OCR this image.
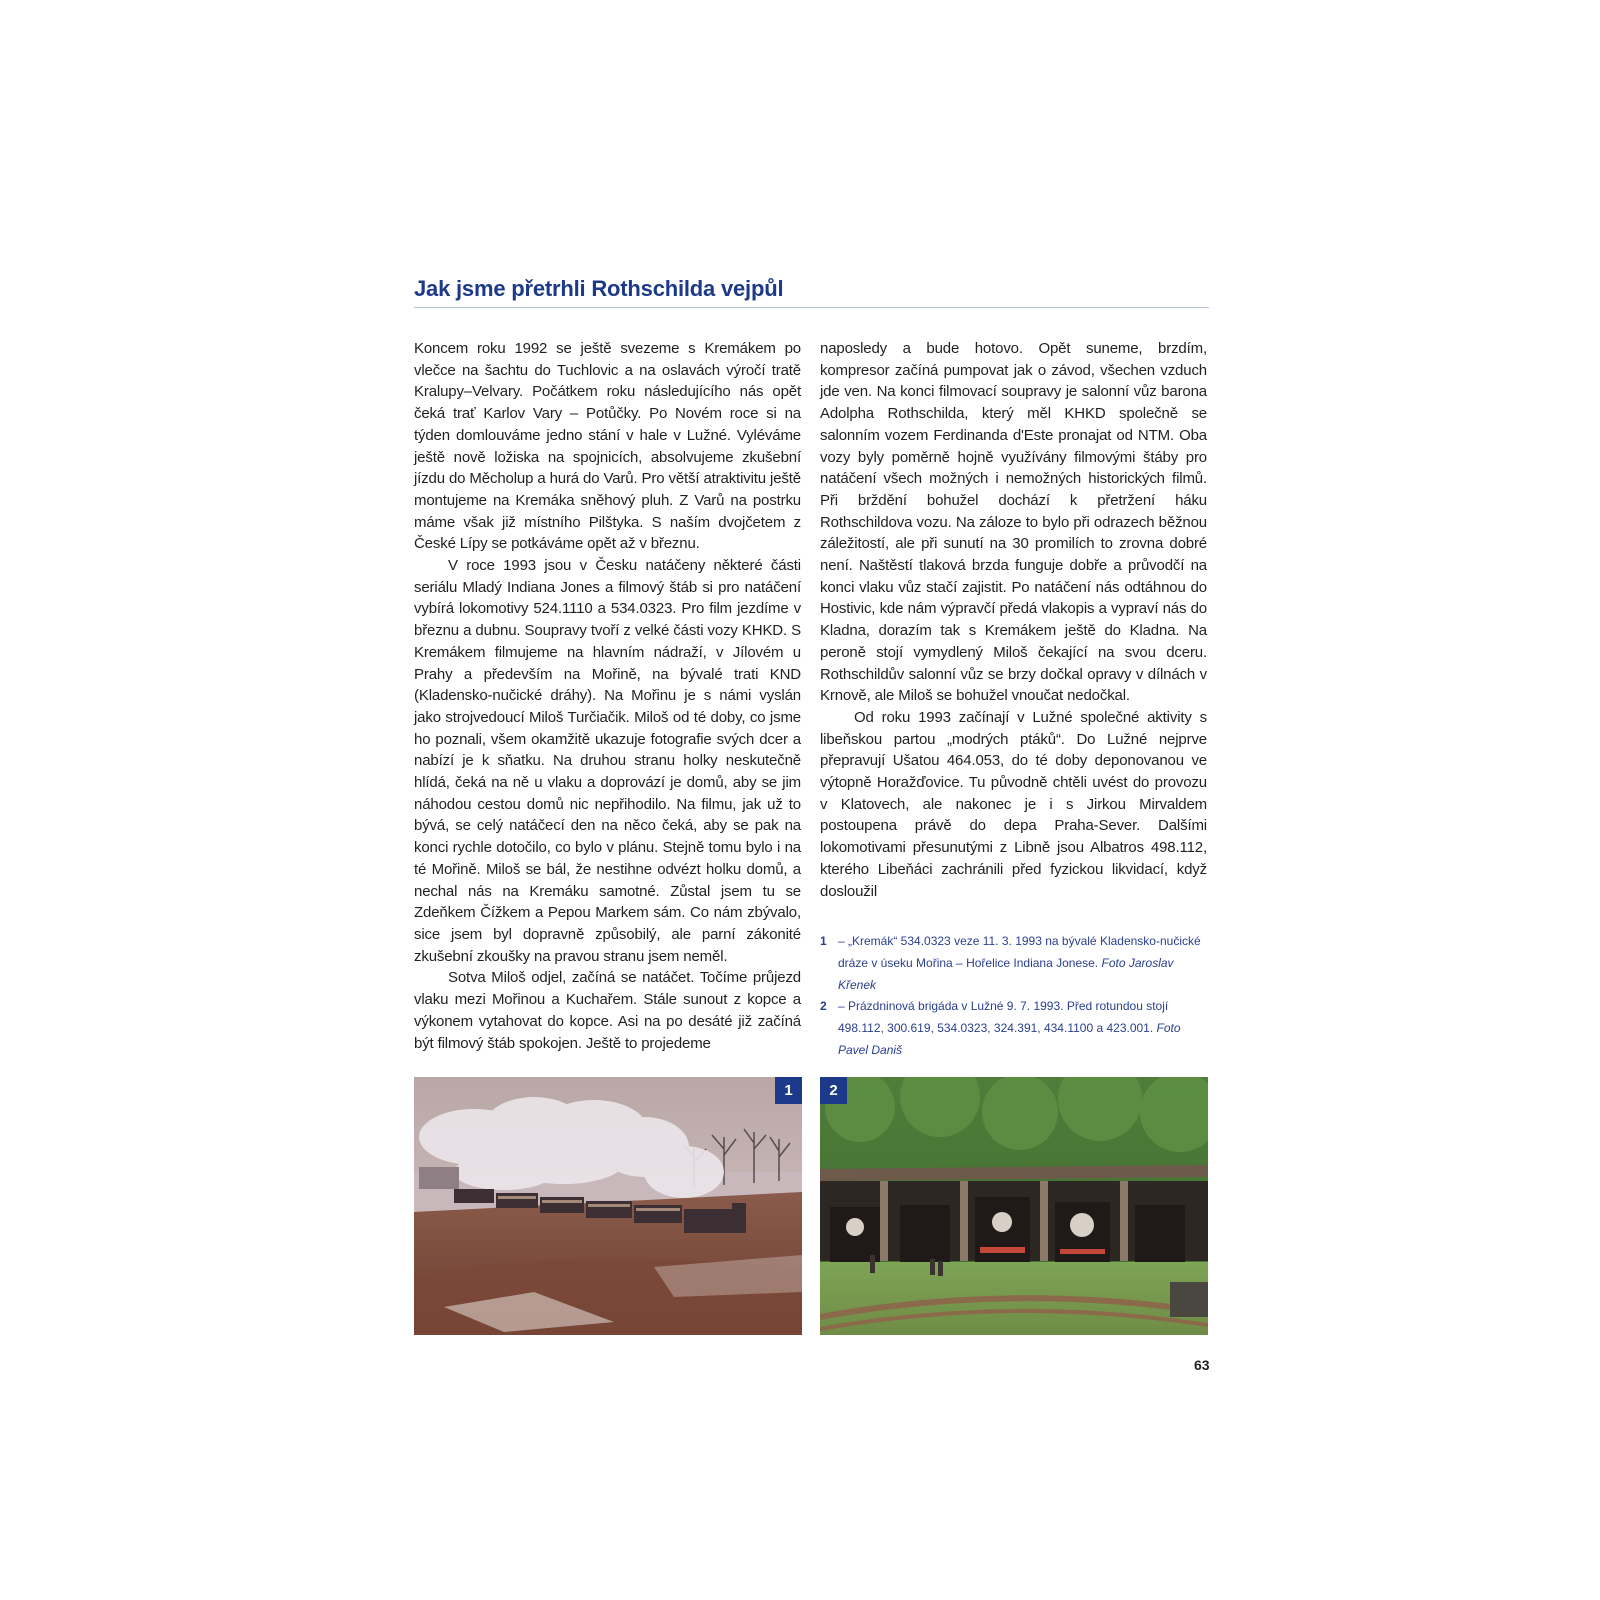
Jak jsme přetrhli Rothschilda vejpůl

Koncem roku 1992 se ještě svezeme s Kremákem po vlečce na šachtu do Tuchlovic a na oslavách výročí tratě Kralupy–Velvary. Počátkem roku následujícího nás opět čeká trať Karlov Vary – Potůčky. Po Novém roce si na týden domlouváme jedno stání v hale v Lužné. Vyléváme ještě nově ložiska na spojnicích, absolvujeme zkušební jízdu do Měcholup a hurá do Varů. Pro větší atraktivitu ještě montujeme na Kremáka sněhový pluh. Z Varů na postrku máme však již místního Pilštyka. S naším dvojčetem z České Lípy se potkáváme opět až v březnu.

V roce 1993 jsou v Česku natáčeny některé části seriálu Mladý Indiana Jones a filmový štáb si pro natáčení vybírá lokomotivy 524.1110 a 534.0323. Pro film jezdíme v březnu a dubnu. Soupravy tvoří z velké části vozy KHKD. S Kremákem filmujeme na hlavním nádraží, v Jílovém u Prahy a především na Mořině, na bývalé trati KND (Kladensko-nučické dráhy). Na Mořinu je s námi vyslán jako strojvedoucí Miloš Turčiačik. Miloš od té doby, co jsme ho poznali, všem okamžitě ukazuje fotografie svých dcer a nabízí je k sňatku. Na druhou stranu holky neskutečně hlídá, čeká na ně u vlaku a doprovází je domů, aby se jim náhodou cestou domů nic nepřihodilo. Na filmu, jak už to bývá, se celý natáčecí den na něco čeká, aby se pak na konci rychle dotočilo, co bylo v plánu. Stejně tomu bylo i na té Mořině. Miloš se bál, že nestihne odvézt holku domů, a nechal nás na Kremáku samotné. Zůstal jsem tu se Zdeňkem Čížkem a Pepou Markem sám. Co nám zbývalo, sice jsem byl dopravně způsobilý, ale parní zákonité zkušební zkoušky na pravou stranu jsem neměl.

Sotva Miloš odjel, začíná se natáčet. Točíme průjezd vlaku mezi Mořinou a Kuchařem. Stále sunout z kopce a výkonem vytahovat do kopce. Asi na po desáté již začíná být filmový štáb spokojen. Ještě to projedeme

naposledy a bude hotovo. Opět suneme, brzdím, kompresor začíná pumpovat jak o závod, všechen vzduch jde ven. Na konci filmovací soupravy je salonní vůz barona Adolpha Rothschilda, který měl KHKD společně se salonním vozem Ferdinanda d'Este pronajat od NTM. Oba vozy byly poměrně hojně využívány filmovými štáby pro natáčení všech možných i nemožných historických filmů. Při brždění bohužel dochází k přetržení háku Rothschildova vozu. Na záloze to bylo při odrazech běžnou záležitostí, ale při sunutí na 30 promilích to zrovna dobré není. Naštěstí tlaková brzda funguje dobře a průvodčí na konci vlaku vůz stačí zajistit. Po natáčení nás odtáhnou do Hostivic, kde nám výpravčí předá vlakopis a vypraví nás do Kladna, dorazím tak s Kremákem ještě do Kladna. Na peroně stojí vymydlený Miloš čekající na svou dceru. Rothschildův salonní vůz se brzy dočkal opravy v dílnách v Krnově, ale Miloš se bohužel vnoučat nedočkal.

Od roku 1993 začínají v Lužné společné aktivity s libeňskou partou „modrých ptáků“. Do Lužné nejprve přepravují Ušatou 464.053, do té doby deponovanou ve výtopně Horažďovice. Tu původně chtěli uvést do provozu v Klatovech, ale nakonec je i s Jirkou Mirvaldem postoupena právě do depa Praha-Sever. Dalšími lokomotivami přesunutými z Libně jsou Albatros 498.112, kterého Libeňáci zachránili před fyzickou likvidací, když dosloužil

1 – „Kremák“ 534.0323 veze 11. 3. 1993 na bývalé Kladensko-nučické dráze v úseku Mořina – Hořelice Indiana Jonese. Foto Jaroslav Křenek

2 – Prázdninová brigáda v Lužné 9. 7. 1993. Před rotundou stojí 498.112, 300.619, 534.0323, 324.391, 434.1100 a 423.001. Foto Pavel Daniš

1	2
63
